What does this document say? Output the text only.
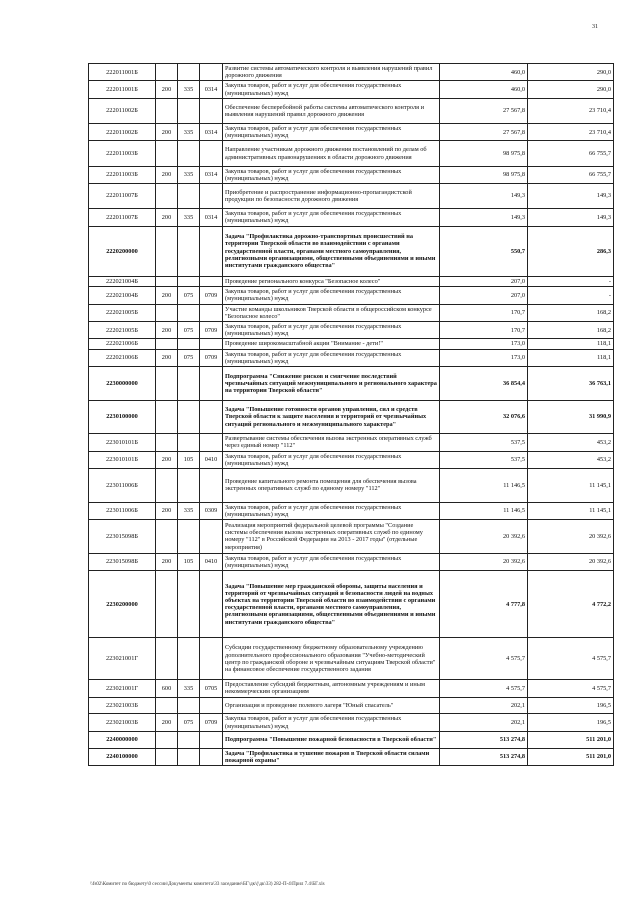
31
222011001Б				Развитие системы автоматического контроля и выявления нарушений правил дорожного движения	460,0	290,0
222011001Б	200	335	0314	Закупка товаров, работ и услуг для обеспечения государственных (муниципальных) нужд	460,0	290,0
222011002Б				Обеспечение бесперебойной работы системы автоматического контроля и выявления нарушений правил дорожного движения	27 567,8	23 710,4
222011002Б	200	335	0314	Закупка товаров, работ и услуг для обеспечения государственных (муниципальных) нужд	27 567,8	23 710,4
222011003Б				Направление участникам дорожного движения постановлений по делам об административных правонарушениях в области дорожного движения	98 975,8	66 755,7
222011003Б	200	335	0314	Закупка товаров, работ и услуг для обеспечения государственных (муниципальных) нужд	98 975,8	66 755,7
222011007Б				Приобретение и распространение информационно-пропагандистской продукции по безопасности дорожного движения	149,3	149,3
222011007Б	200	335	0314	Закупка товаров, работ и услуг для обеспечения государственных (муниципальных) нужд	149,3	149,3
2220200000				Задача "Профилактика дорожно-транспортных происшествий на территории Тверской области во взаимодействии с органами государственной власти, органами местного самоуправления, религиозными организациями, общественными объединениями и иными институтами гражданского общества"	550,7	286,3
222021004Б				Проведение регионального конкурса "Безопасное колесо"	207,0	-
222021004Б	200	075	0709	Закупка товаров, работ и услуг для обеспечения государственных (муниципальных) нужд	207,0	-
222021005Б				Участие команды школьников Тверской области в общероссийском конкурсе "Безопасное колесо"	170,7	168,2
222021005Б	200	075	0709	Закупка товаров, работ и услуг для обеспечения государственных (муниципальных) нужд	170,7	168,2
222021006Б				Проведение широкомасштабной акции "Внимание - дети!"	173,0	118,1
222021006Б	200	075	0709	Закупка товаров, работ и услуг для обеспечения государственных (муниципальных) нужд	173,0	118,1
2230000000				Подпрограмма "Снижение рисков и смягчение последствий чрезвычайных ситуаций межмуниципального и регионального характера на территории Тверской области"	36 854,4	36 763,1
2230100000				Задача "Повышение готовности органов управления, сил и средств Тверской области к защите населения и территорий от чрезвычайных ситуаций регионального и межмуниципального характера"	32 076,6	31 990,9
223010101Б				Развертывание системы обеспечения вызова экстренных оперативных служб через единый номер "112"	537,5	453,2
223010101Б	200	105	0410	Закупка товаров, работ и услуг для обеспечения государственных (муниципальных) нужд	537,5	453,2
223011006Б				Проведение капитального ремонта помещения для обеспечения вызова экстренных оперативных служб по единому номеру "112"	11 146,5	11 145,1
223011006Б	200	335	0309	Закупка товаров, работ и услуг для обеспечения государственных (муниципальных) нужд	11 146,5	11 145,1
223015098Б				Реализация мероприятий федеральной целевой программы "Создание системы обеспечения вызова экстренных оперативных служб по единому номеру "112" в Российской Федерации на 2013 - 2017 годы" (отдельные мероприятия)	20 392,6	20 392,6
223015098Б	200	105	0410	Закупка товаров, работ и услуг для обеспечения государственных (муниципальных) нужд	20 392,6	20 392,6
2230200000				Задача "Повышение мер гражданской обороны, защиты населения и территорий от чрезвычайных ситуаций и безопасности людей на водных объектах на территории Тверской области во взаимодействии с органами государственной власти, органами местного самоуправления, религиозными организациями, общественными объединениями и иными институтами гражданского общества"	4 777,8	4 772,2
223021001Г				Субсидии государственному бюджетному образовательному учреждению дополнительного профессионального образования "Учебно-методический центр по гражданской обороне и чрезвычайным ситуациям Тверской области" на финансовое обеспечение государственного задания	4 575,7	4 575,7
223021001Г	600	335	0705	Предоставление субсидий бюджетным, автономным учреждениям и иным некоммерческим организациям	4 575,7	4 575,7
223021003Б				Организация и проведение полевого лагеря "Юный спасатель"	202,1	196,5
223021003Б	200	075	0709	Закупка товаров, работ и услуг для обеспечения государственных (муниципальных) нужд	202,1	196,5
2240000000				Подпрограмма "Повышение пожарной безопасности в Тверской области"	513 274,8	511 201,0
2240100000				Задача "Профилактика и тушение пожаров в Тверской области силами пожарной охраны"	513 274,8	511 201,0
\\fs02\Комитет по бюджету\0 сессии\Документы комитета\33 заседание\БГ\дк\(\дк\33) 282-П-4\Прил 7.4\БГ.xls
